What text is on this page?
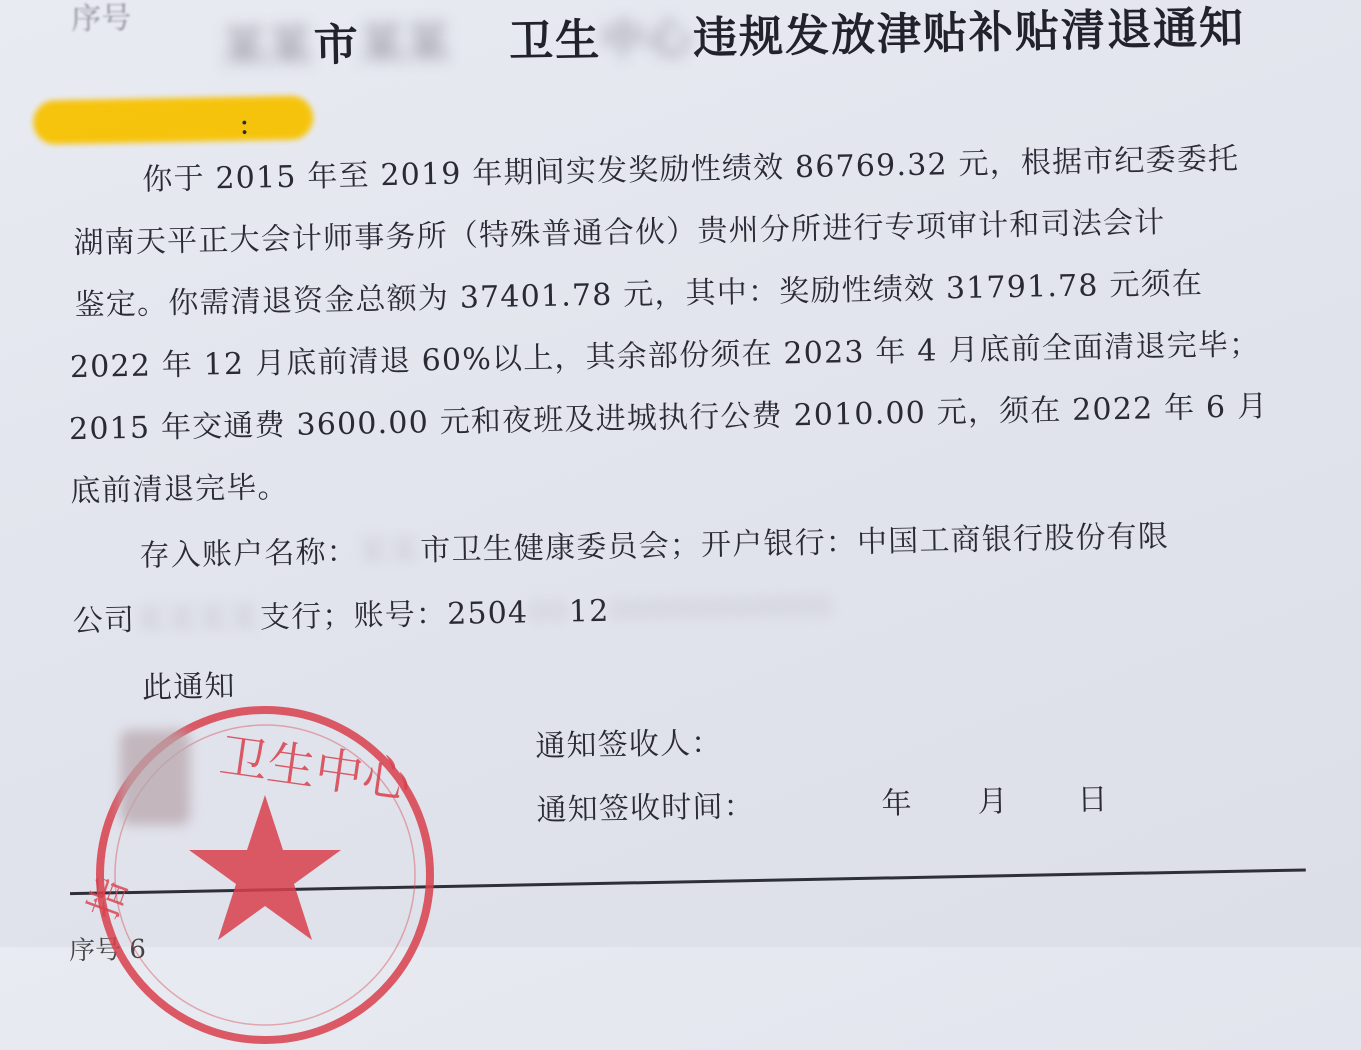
序号
某某市某某 卫生中心违规发放津贴补贴清退通知
:
你于 2015 年至 2019 年期间实发奖励性绩效 86769.32 元，根据市纪委委托
湖南天平正大会计师事务所（特殊普通合伙）贵州分所进行专项审计和司法会计
鉴定。你需清退资金总额为 37401.78 元，其中：奖励性绩效 31791.78 元须在
2022 年 12 月底前清退 60%以上，其余部份须在 2023 年 4 月底前全面清退完毕；
2015 年交通费 3600.00 元和夜班及进城执行公费 2010.00 元，须在 2022 年 6 月
底前清退完毕。
存入账户名称：某某市卫生健康委员会；开户银行：中国工商银行股份有限
公司某某某某支行；账号：2504001200000000000
此通知
通知签收人：
通知签收时间：	年 月 日
序号 6
卫生中心
指
